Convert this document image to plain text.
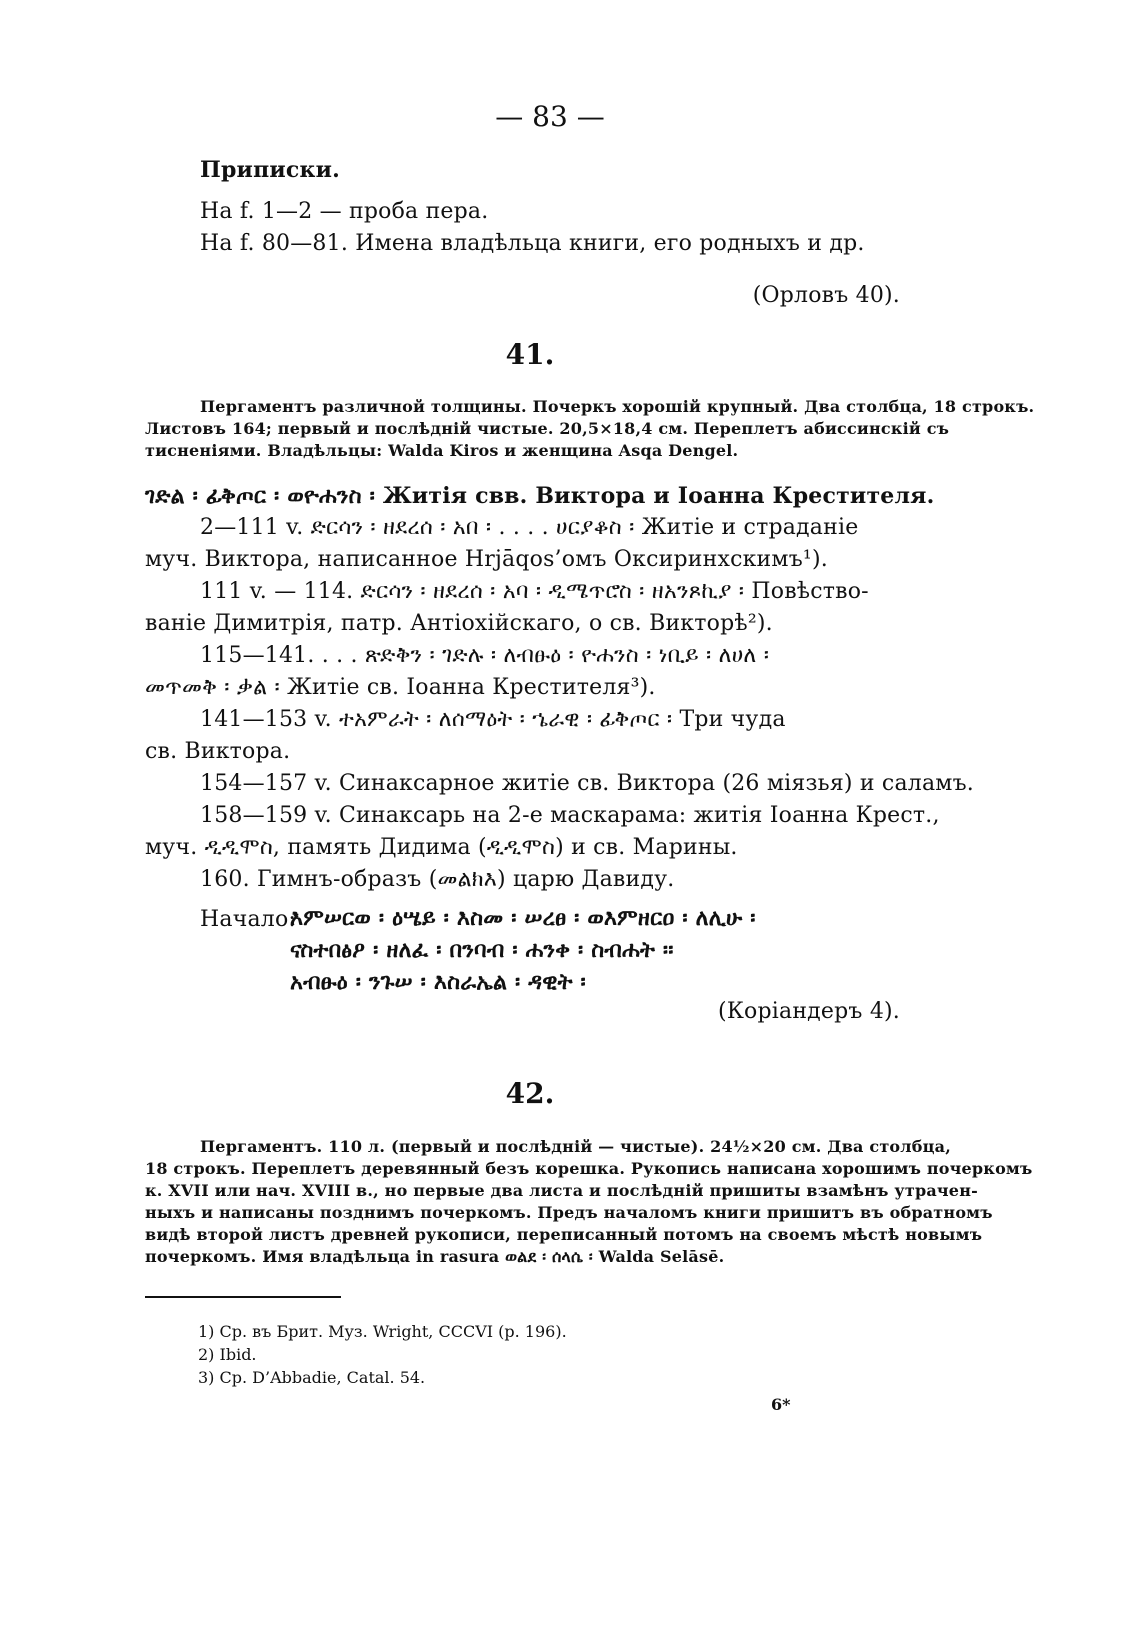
— 83 —
Приписки.
На f. 1—2 — проба пера.
На f. 80—81. Имена владѣльца книги, его родныхъ и др.
(Орловъ 40).
41.
Пергаментъ различной толщины. Почеркъ хорошій крупный. Два столбца, 18 строкъ.
Листовъ 164; первый и послѣдній чистые. 20,5×18,4 см. Переплетъ абиссинскій съ
тисненіями. Владѣльцы: Walda Kiros и женщина Asqa Dengel.
ገድል ፡ ፊቅጦር ፡ ወዮሐንስ ፡ Житія свв. Виктора и Іоанна Крестителя.
2—111 v. ድርሳን ፡ ዘደረሰ ፡ አበ ፡ . . . . ሀርያቆስ ፡ Житіе и страданіе
муч. Виктора, написанное Hrjāqos’омъ Оксиринхскимъ¹).
111 v. — 114. ድርሳን ፡ ዘደረሰ ፡ አባ ፡ ዲሜጥሮስ ፡ ዘአንጾኪያ ፡ Повѣство-
ваніе Димитрія, патр. Антіохійскаго, о св. Викторѣ²).
115—141. . . . ጽድቅን ፡ ገድሉ ፡ ለብፁዕ ፡ ዮሐንስ ፡ ነቢይ ፡ ለሀለ ፡
መጥመቅ ፡ ቃል ፡ Житіе св. Іоанна Крестителя³).
141—153 v. ተአምራት ፡ ለሰማዕት ፡ ኄራዊ ፡ ፊቅጦር ፡ Три чуда
св. Виктора.
154—157 v. Синаксарное житіе св. Виктора (26 міязья) и саламъ.
158—159 v. Синаксарь на 2-е маскарама: житія Іоанна Крест.,
муч. ዲዲሞስ, память Дидима (ዲዲሞስ) и св. Марины.
160. Гимнъ-образъ (መልክእ) царю Давиду.
Начало:
እምሠርወ ፡ ዕሤይ ፡ እስመ ፡ ሠረፀ ፡ ወእምዘርዐ ፡ ለሊሁ ፡
ናስተበፅዖ ፡ ዘለፈ ፡ በንባብ ፡ ሐንቀ ፡ ስብሐት ፡፡
አብፁዕ ፡ ንጉሠ ፡ እስራኤል ፡ ዳዊት ፡
(Коріандеръ 4).
42.
Пергаментъ. 110 л. (первый и послѣдній — чистые). 24½×20 см. Два столбца,
18 строкъ. Переплетъ деревянный безъ корешка. Рукопись написана хорошимъ почеркомъ
к. XVII или нач. XVIII в., но первые два листа и послѣдній пришиты взамѣнъ утрачен-
ныхъ и написаны позднимъ почеркомъ. Предъ началомъ книги пришитъ въ обратномъ
видѣ второй листъ древней рукописи, переписанный потомъ на своемъ мѣстѣ новымъ
почеркомъ. Имя владѣльца in rasura ወልደ ፡ ሰላሴ ፡ Walda Selāsē.
1) Ср. въ Брит. Муз. Wright, CCCVI (р. 196).
2) Ibid.
3) Ср. D’Abbadie, Catal. 54.
6*
